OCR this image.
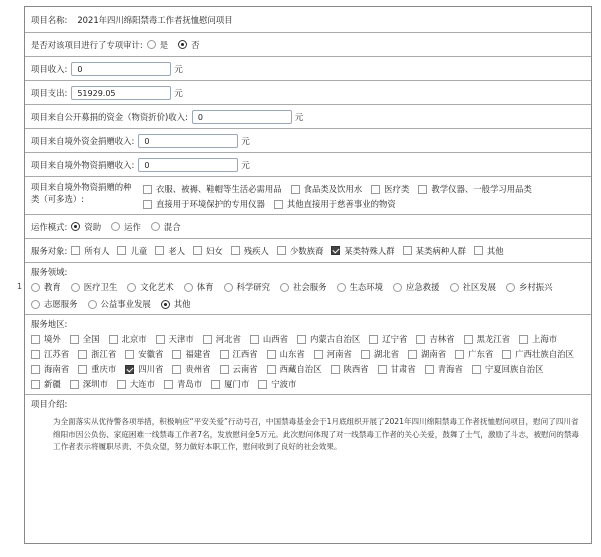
1
项目名称: 2021年四川绵阳禁毒工作者抚恤慰问项目
是否对该项目进行了专项审计: 是	否
项目收入:	0	元
项目支出:	51929.05	元
项目来自公开募捐的资金（物资折价)收入:	0	元
项目来自境外资金捐赠收入:	0	元
项目来自境外物资捐赠收入:	0	元
项目来自境外物资捐赠的种类（可多选）:
衣服、被褥、鞋帽等生活必需用品	食品类及饮用水	医疗类	教学仪器、一般学习用品类
直接用于环境保护的专用仪器	其他直接用于慈善事业的物资
运作模式: 资助	运作	混合
服务对象: 所有人	儿童	老人	妇女	残疾人	少数族裔	某类特殊人群	某类病种人群	其他
服务领域:
教育	医疗卫生	文化艺术	体育	科学研究	社会服务	生态环境	应急救援	社区发展	乡村振兴
志愿服务	公益事业发展	其他
服务地区:
境外	全国	北京市	天津市	河北省	山西省	内蒙古自治区	辽宁省	吉林省	黑龙江省	上海市
江苏省	浙江省	安徽省	福建省	江西省	山东省	河南省	湖北省	湖南省	广东省	广西壮族自治区
海南省	重庆市	四川省	贵州省	云南省	西藏自治区	陕西省	甘肃省	青海省	宁夏回族自治区
新疆	深圳市	大连市	青岛市	厦门市	宁波市
项目介绍:
为全面落实从优待警各项举措，积极响应“平安关爱”行动号召，中国禁毒基金会于1月底组织开展了2021年四川绵阳禁毒工作者抚恤慰问项目，慰问了四川省绵阳市因公负伤、家庭困难一线禁毒工作者7名，发放慰问金5万元。此次慰问体现了对一线禁毒工作者的关心关爱，鼓舞了士气，激励了斗志，被慰问的禁毒工作者表示将履职尽责、不负众望，努力做好本职工作，慰问收到了良好的社会效果。
